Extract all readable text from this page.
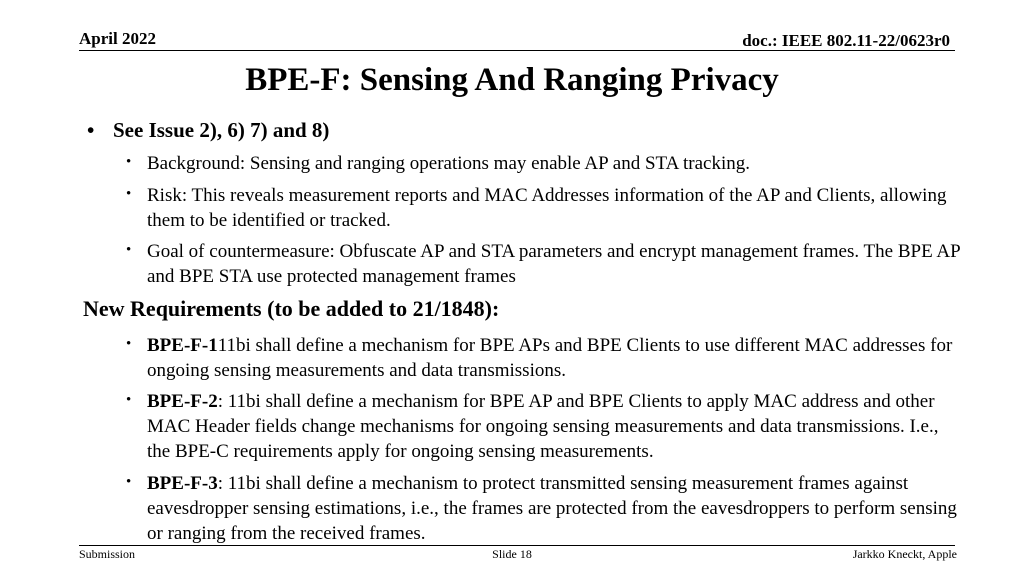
April 2022	doc.: IEEE 802.11-22/0623r0
BPE-F: Sensing And Ranging Privacy
• See Issue 2), 6) 7) and 8)
• Background: Sensing and ranging operations may enable AP and STA tracking.
• Risk: This reveals measurement reports and MAC Addresses information of the AP and Clients, allowing them to be identified or tracked.
• Goal of countermeasure: Obfuscate AP and STA parameters and encrypt management frames. The BPE AP and BPE STA use protected management frames
New Requirements (to be added to 21/1848):
• BPE-F-111bi shall define a mechanism for BPE APs and BPE Clients to use different MAC addresses for ongoing sensing measurements and data transmissions.
• BPE-F-2: 11bi shall define a mechanism for BPE AP and BPE Clients to apply MAC address and other MAC Header fields change mechanisms for ongoing sensing measurements and data transmissions. I.e., the BPE-C requirements apply for ongoing sensing measurements.
• BPE-F-3: 11bi shall define a mechanism to protect transmitted sensing measurement frames against eavesdropper sensing estimations, i.e., the frames are protected from the eavesdroppers to perform sensing or ranging from the received frames.
Submission	Slide 18	Jarkko Kneckt, Apple
